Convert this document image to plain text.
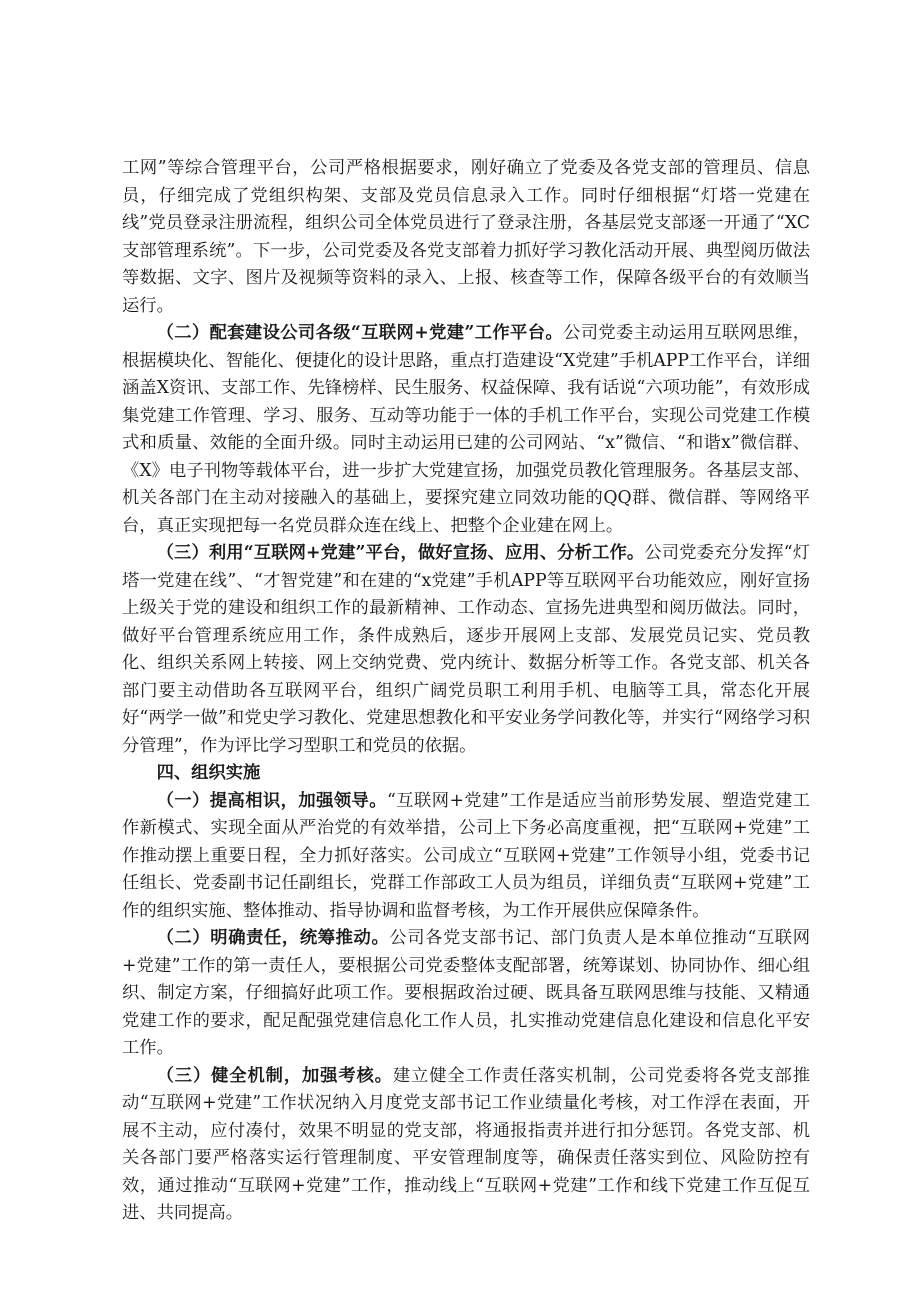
工网”等综合管理平台，公司严格根据要求，刚好确立了党委及各党支部的管理员、信息员，仔细完成了党组织构架、支部及党员信息录入工作。同时仔细根据“灯塔一党建在线”党员登录注册流程，组织公司全体党员进行了登录注册，各基层党支部逐一开通了“XC支部管理系统”。下一步，公司党委及各党支部着力抓好学习教化活动开展、典型阅历做法等数据、文字、图片及视频等资料的录入、上报、核查等工作，保障各级平台的有效顺当运行。

（二）配套建设公司各级“互联网+党建”工作平台。公司党委主动运用互联网思维，根据模块化、智能化、便捷化的设计思路，重点打造建设“X党建”手机APP工作平台，详细涵盖X资讯、支部工作、先锋榜样、民生服务、权益保障、我有话说“六项功能”，有效形成集党建工作管理、学习、服务、互动等功能于一体的手机工作平台，实现公司党建工作模式和质量、效能的全面升级。同时主动运用已建的公司网站、“x”微信、“和谐x”微信群、《X》电子刊物等载体平台，进一步扩大党建宣扬，加强党员教化管理服务。各基层支部、机关各部门在主动对接融入的基础上，要探究建立同效功能的QQ群、微信群、等网络平台，真正实现把每一名党员群众连在线上、把整个企业建在网上。

（三）利用“互联网+党建”平台，做好宣扬、应用、分析工作。公司党委充分发挥“灯塔一党建在线”、“才智党建”和在建的“x党建”手机APP等互联网平台功能效应，刚好宣扬上级关于党的建设和组织工作的最新精神、工作动态、宣扬先进典型和阅历做法。同时，做好平台管理系统应用工作，条件成熟后，逐步开展网上支部、发展党员记实、党员教化、组织关系网上转接、网上交纳党费、党内统计、数据分析等工作。各党支部、机关各部门要主动借助各互联网平台，组织广阔党员职工利用手机、电脑等工具，常态化开展好“两学一做”和党史学习教化、党建思想教化和平安业务学问教化等，并实行“网络学习积分管理”，作为评比学习型职工和党员的依据。

四、组织实施

（一）提高相识，加强领导。“互联网+党建”工作是适应当前形势发展、塑造党建工作新模式、实现全面从严治党的有效举措，公司上下务必高度重视，把“互联网+党建”工作推动摆上重要日程，全力抓好落实。公司成立“互联网+党建”工作领导小组，党委书记任组长、党委副书记任副组长，党群工作部政工人员为组员，详细负责“互联网+党建”工作的组织实施、整体推动、指导协调和监督考核，为工作开展供应保障条件。

（二）明确责任，统筹推动。公司各党支部书记、部门负责人是本单位推动“互联网+党建”工作的第一责任人，要根据公司党委整体支配部署，统筹谋划、协同协作、细心组织、制定方案，仔细搞好此项工作。要根据政治过硬、既具备互联网思维与技能、又精通党建工作的要求，配足配强党建信息化工作人员，扎实推动党建信息化建设和信息化平安工作。

（三）健全机制，加强考核。建立健全工作责任落实机制，公司党委将各党支部推动“互联网+党建”工作状况纳入月度党支部书记工作业绩量化考核，对工作浮在表面，开展不主动，应付凑付，效果不明显的党支部，将通报指责并进行扣分惩罚。各党支部、机关各部门要严格落实运行管理制度、平安管理制度等，确保责任落实到位、风险防控有效，通过推动“互联网+党建”工作，推动线上“互联网+党建”工作和线下党建工作互促互进、共同提高。
